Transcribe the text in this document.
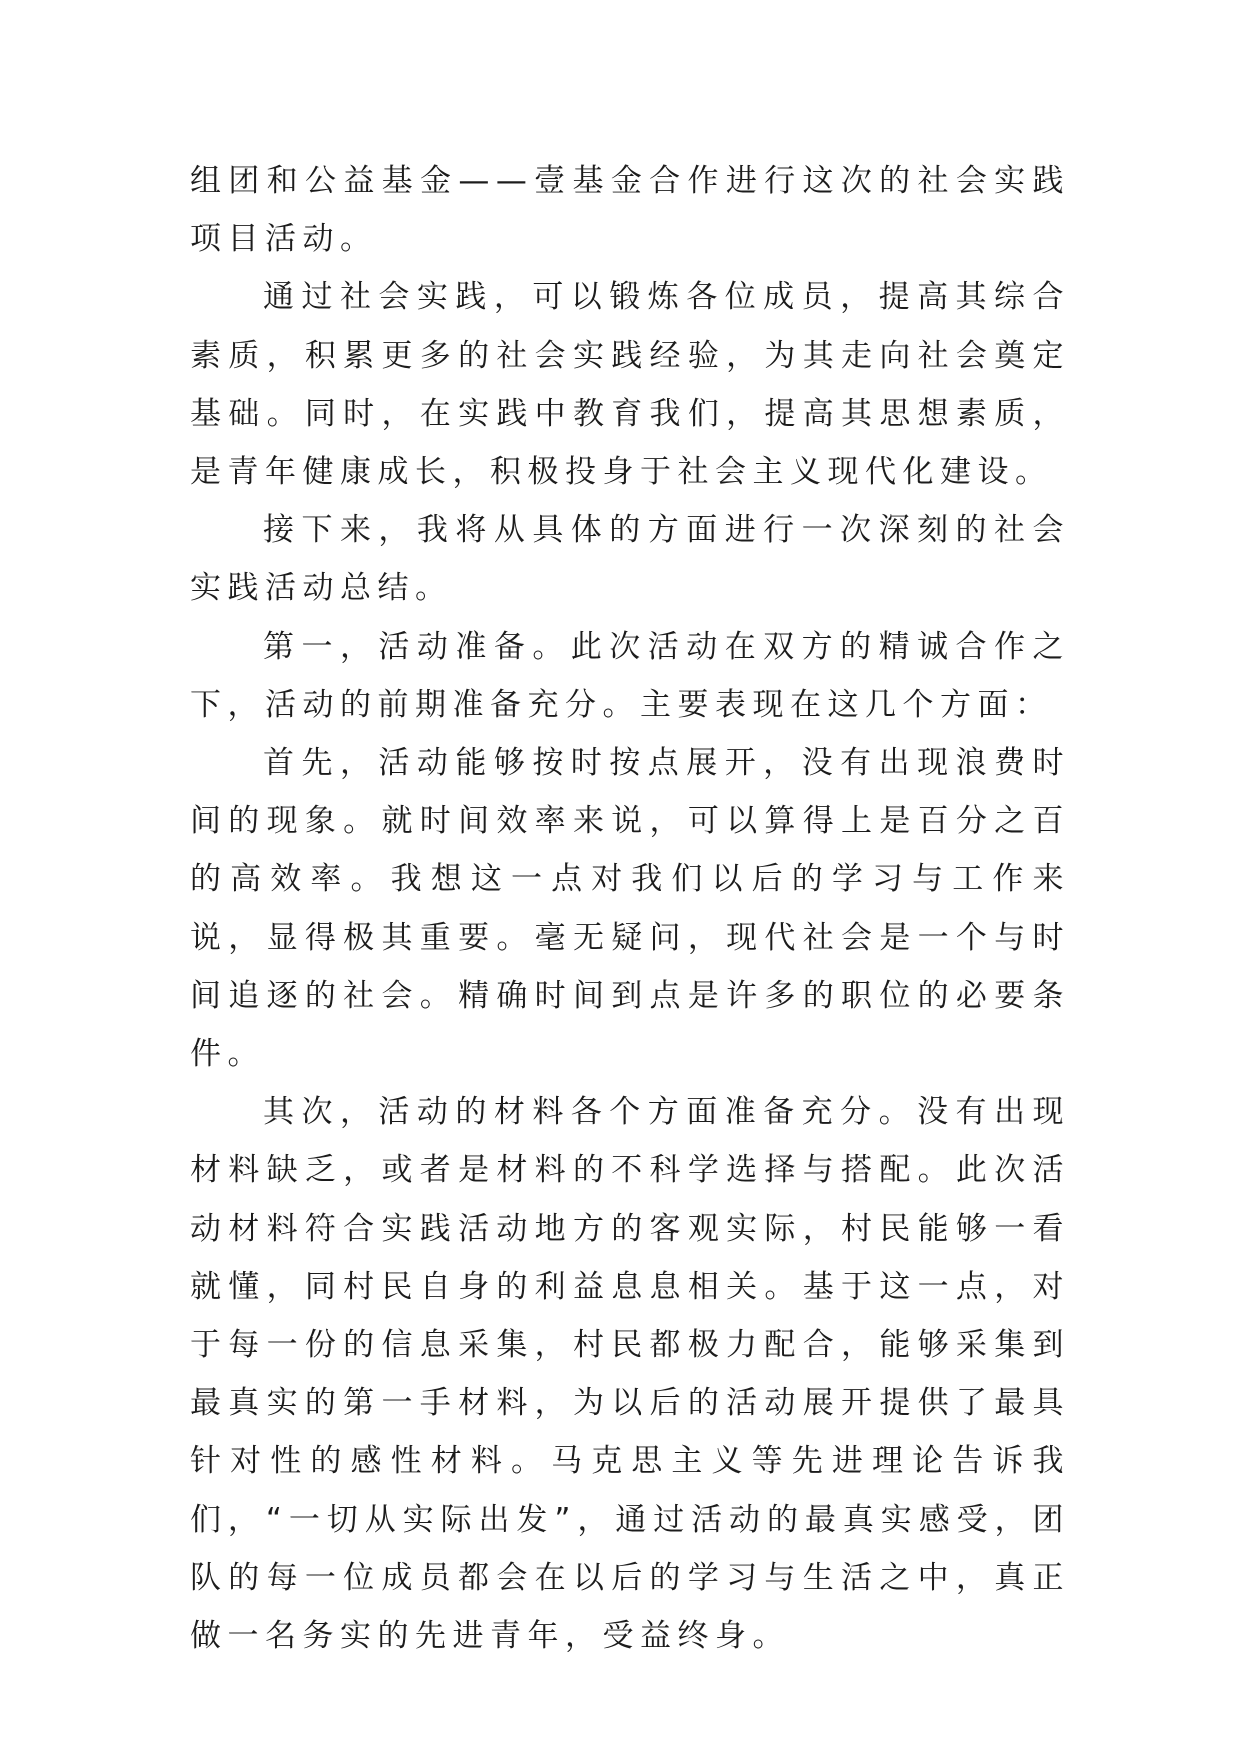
组团和公益基金——壹基金合作进行这次的社会实践项目活动。

通过社会实践，可以锻炼各位成员，提高其综合素质，积累更多的社会实践经验，为其走向社会奠定基础。同时，在实践中教育我们，提高其思想素质，是青年健康成长，积极投身于社会主义现代化建设。

接下来，我将从具体的方面进行一次深刻的社会实践活动总结。

第一，活动准备。此次活动在双方的精诚合作之下，活动的前期准备充分。主要表现在这几个方面：

首先，活动能够按时按点展开，没有出现浪费时间的现象。就时间效率来说，可以算得上是百分之百的高效率。我想这一点对我们以后的学习与工作来说，显得极其重要。毫无疑问，现代社会是一个与时间追逐的社会。精确时间到点是许多的职位的必要条件。

其次，活动的材料各个方面准备充分。没有出现材料缺乏，或者是材料的不科学选择与搭配。此次活动材料符合实践活动地方的客观实际，村民能够一看就懂，同村民自身的利益息息相关。基于这一点，对于每一份的信息采集，村民都极力配合，能够采集到最真实的第一手材料，为以后的活动展开提供了最具针对性的感性材料。马克思主义等先进理论告诉我们，“一切从实际出发”，通过活动的最真实感受，团队的每一位成员都会在以后的学习与生活之中，真正做一名务实的先进青年，受益终身。
